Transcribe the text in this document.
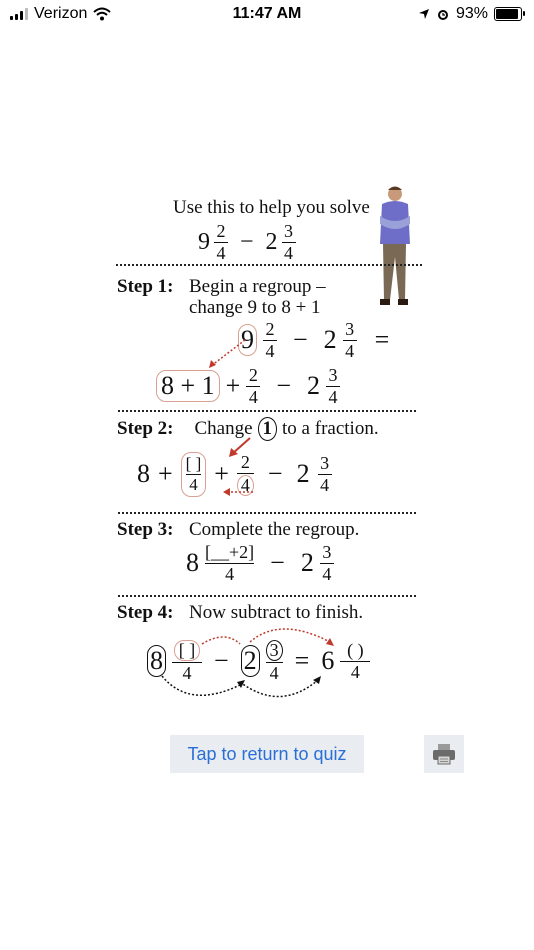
Verizon	11:47 AM	93%
Use this to help you solve
$9 \frac{2}{4} - 2 \frac{3}{4}$
Step 1: Begin a regroup –
change 9 to 8 + 1
$9 \frac{2}{4} - 2 \frac{3}{4}$ =
$8 + 1 + \frac{2}{4} - 2 \frac{3}{4}$
Step 2: Change 1 to a fraction.
$8 + \frac{[ ]}{4} + \frac{2}{4} - 2 \frac{3}{4}$
Step 3: Complete the regroup.
$8 \frac{[\_\_+2]}{4} - 2 \frac{3}{4}$
Step 4: Now subtract to finish.
$8 \frac{[ ]}{4} - 2 \frac{3}{4} = 6 \frac{( )}{4}$
Tap to return to quiz
